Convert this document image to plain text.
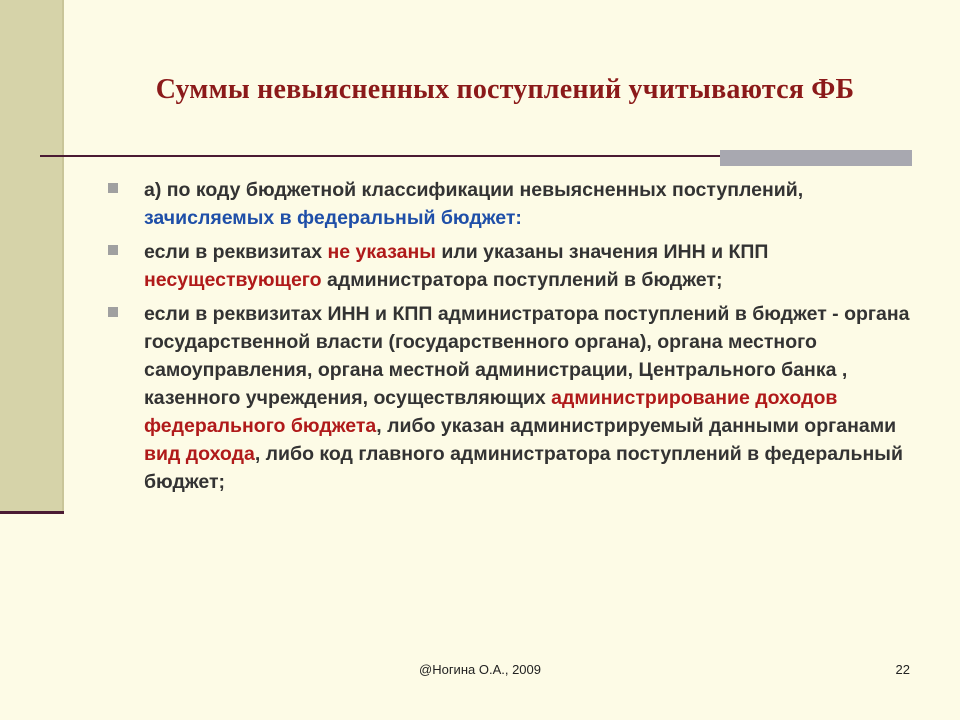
Суммы невыясненных поступлений учитываются ФБ
а) по коду бюджетной классификации невыясненных поступлений, зачисляемых в федеральный бюджет:
если в реквизитах не указаны или указаны значения ИНН и КПП несуществующего администратора поступлений в бюджет;
если в реквизитах ИНН и КПП администратора поступлений в бюджет - органа государственной власти (государственного органа), органа местного самоуправления, органа местной администрации, Центрального банка , казенного учреждения, осуществляющих администрирование доходов федерального бюджета, либо указан администрируемый данными органами вид дохода, либо код главного администратора поступлений в федеральный бюджет;
@Ногина О.А., 2009	22
